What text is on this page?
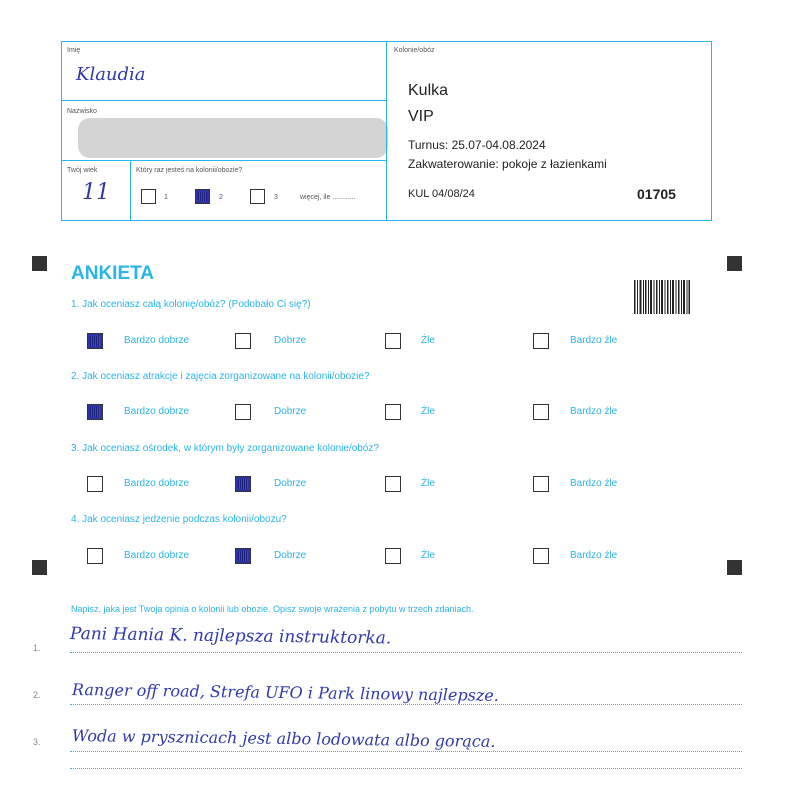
Imię
Klaudia
Nazwisko
Twój wiek
11
Który raz jesteś na kolonii/obozie?
1	2	3	więcej, ile ............
Kolonie/obóz
Kulka
VIP
Turnus: 25.07-04.08.2024
Zakwaterowanie: pokoje z łazienkami
KUL 04/08/24	01705
ANKIETA
1. Jak oceniasz całą kolonię/obóz? (Podobało Ci się?)
Bardzo dobrze	Dobrze	Źle	Bardzo źle
2. Jak oceniasz atrakcje i zajęcia zorganizowane na kolonii/obozie?
Bardzo dobrze	Dobrze	Źle	Bardzo źle
3. Jak oceniasz ośrodek, w którym były zorganizowane kolonie/obóz?
Bardzo dobrze	Dobrze	Źle	Bardzo źle
4. Jak oceniasz jedzenie podczas kolonii/obozu?
Bardzo dobrze	Dobrze	Źle	Bardzo źle
Napisz, jaka jest Twoja opinia o kolonii lub obozie. Opisz swoje wrażenia z pobytu w trzech zdaniach.
1. Pani Hania K. najlepsza instruktorka.
2. Ranger off road, Strefa UFO i Park linowy najlepsze.
3. Woda w prysznicach jest albo lodowata albo gorąca.
